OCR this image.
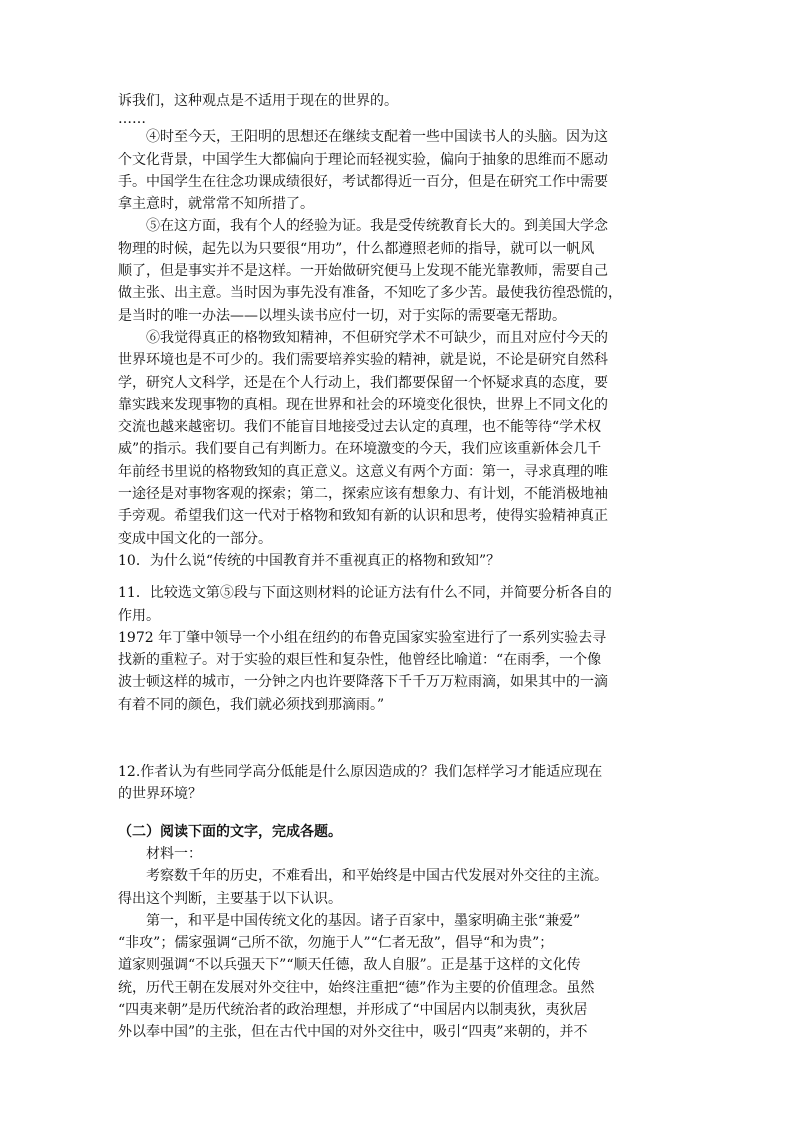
诉我们，这种观点是不适用于现在的世界的。
……
④时至今天，王阳明的思想还在继续支配着一些中国读书人的头脑。因为这
个文化背景，中国学生大都偏向于理论而轻视实验，偏向于抽象的思维而不愿动
手。中国学生在往念功课成绩很好，考试都得近一百分，但是在研究工作中需要
拿主意时，就常常不知所措了。
⑤在这方面，我有个人的经验为证。我是受传统教育长大的。到美国大学念
物理的时候，起先以为只要很“用功”，什么都遵照老师的指导，就可以一帆风
顺了，但是事实并不是这样。一开始做研究便马上发现不能光靠教师，需要自己
做主张、出主意。当时因为事先没有准备，不知吃了多少苦。最使我彷徨恐慌的，
是当时的唯一办法——以埋头读书应付一切，对于实际的需要毫无帮助。
⑥我觉得真正的格物致知精神，不但研究学术不可缺少，而且对应付今天的
世界环境也是不可少的。我们需要培养实验的精神，就是说，不论是研究自然科
学，研究人文科学，还是在个人行动上，我们都要保留一个怀疑求真的态度，要
靠实践来发现事物的真相。现在世界和社会的环境变化很快，世界上不同文化的
交流也越来越密切。我们不能盲目地接受过去认定的真理，也不能等待“学术权
威”的指示。我们要自己有判断力。在环境激变的今天，我们应该重新体会几千
年前经书里说的格物致知的真正意义。这意义有两个方面：第一，寻求真理的唯
一途径是对事物客观的探索；第二，探索应该有想象力、有计划，不能消极地袖
手旁观。希望我们这一代对于格物和致知有新的认识和思考，使得实验精神真正
变成中国文化的一部分。
10．为什么说“传统的中国教育并不重视真正的格物和致知”？
11．比较选文第⑤段与下面这则材料的论证方法有什么不同，并简要分析各自的
作用。
1972 年丁肇中领导一个小组在纽约的布鲁克国家实验室进行了一系列实验去寻
找新的重粒子。对于实验的艰巨性和复杂性，他曾经比喻道：“在雨季，一个像
波士顿这样的城市，一分钟之内也许要降落下千千万万粒雨滴，如果其中的一滴
有着不同的颜色，我们就必须找到那滴雨。”
12.作者认为有些同学高分低能是什么原因造成的？我们怎样学习才能适应现在
的世界环境？
（二）阅读下面的文字，完成各题。
材料一：
考察数千年的历史，不难看出，和平始终是中国古代发展对外交往的主流。
得出这个判断，主要基于以下认识。
第一，和平是中国传统文化的基因。诸子百家中，墨家明确主张“兼爱”
“非攻”；儒家强调“己所不欲，勿施于人”“仁者无敌”，倡导“和为贵”；
道家则强调“不以兵强天下”“顺天任德，敌人自服”。正是基于这样的文化传
统，历代王朝在发展对外交往中，始终注重把“德”作为主要的价值理念。虽然
“四夷来朝”是历代统治者的政治理想，并形成了“中国居内以制夷狄，夷狄居
外以奉中国”的主张，但在古代中国的对外交往中，吸引“四夷”来朝的，并不
